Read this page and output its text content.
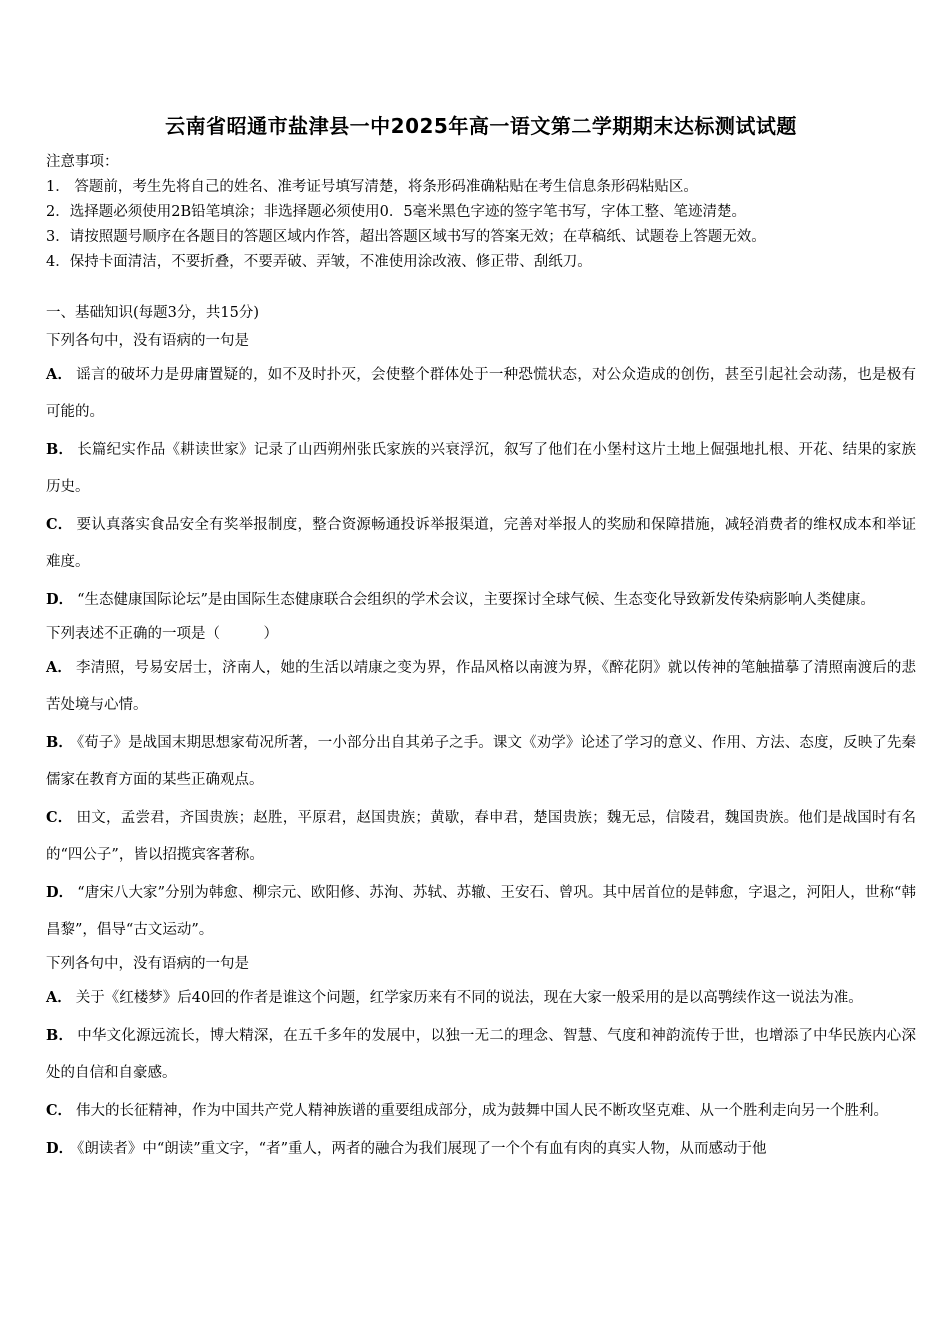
云南省昭通市盐津县一中2025年高一语文第二学期期末达标测试试题
注意事项：
1． 答题前，考生先将自己的姓名、准考证号填写清楚，将条形码准确粘贴在考生信息条形码粘贴区。
2．选择题必须使用2B铅笔填涂；非选择题必须使用0．5毫米黑色字迹的签字笔书写，字体工整、笔迹清楚。
3．请按照题号顺序在各题目的答题区域内作答，超出答题区域书写的答案无效；在草稿纸、试题卷上答题无效。
4．保持卡面清洁，不要折叠，不要弄破、弄皱，不准使用涂改液、修正带、刮纸刀。
一、基础知识(每题3分，共15分)
下列各句中，没有语病的一句是
A． 谣言的破坏力是毋庸置疑的，如不及时扑灭，会使整个群体处于一种恐慌状态，对公众造成的创伤，甚至引起社会动荡，也是极有可能的。
B． 长篇纪实作品《耕读世家》记录了山西朔州张氏家族的兴衰浮沉，叙写了他们在小堡村这片土地上倔强地扎根、开花、结果的家族历史。
C． 要认真落实食品安全有奖举报制度，整合资源畅通投诉举报渠道，完善对举报人的奖励和保障措施，减轻消费者的维权成本和举证难度。
D． “生态健康国际论坛”是由国际生态健康联合会组织的学术会议，主要探讨全球气候、生态变化导致新发传染病影响人类健康。
下列表述不正确的一项是（　　　）
A． 李清照，号易安居士，济南人，她的生活以靖康之变为界，作品风格以南渡为界，《醉花阴》就以传神的笔触描摹了清照南渡后的悲苦处境与心情。
B． 《荀子》是战国末期思想家荀况所著，一小部分出自其弟子之手。课文《劝学》论述了学习的意义、作用、方法、态度，反映了先秦儒家在教育方面的某些正确观点。
C． 田文，孟尝君，齐国贵族；赵胜，平原君，赵国贵族；黄歇，春申君，楚国贵族；魏无忌，信陵君，魏国贵族。他们是战国时有名的“四公子”，皆以招揽宾客著称。
D． “唐宋八大家”分别为韩愈、柳宗元、欧阳修、苏洵、苏轼、苏辙、王安石、曾巩。其中居首位的是韩愈，字退之，河阳人，世称“韩昌黎”，倡导“古文运动”。
下列各句中，没有语病的一句是
A． 关于《红楼梦》后40回的作者是谁这个问题，红学家历来有不同的说法，现在大家一般采用的是以高鹗续作这一说法为准。
B． 中华文化源远流长，博大精深，在五千多年的发展中，以独一无二的理念、智慧、气度和神韵流传于世，也增添了中华民族内心深处的自信和自豪感。
C． 伟大的长征精神，作为中国共产党人精神族谱的重要组成部分，成为鼓舞中国人民不断攻坚克难、从一个胜利走向另一个胜利。
D． 《朗读者》中“朗读”重文字，“者”重人，两者的融合为我们展现了一个个有血有肉的真实人物，从而感动于他
